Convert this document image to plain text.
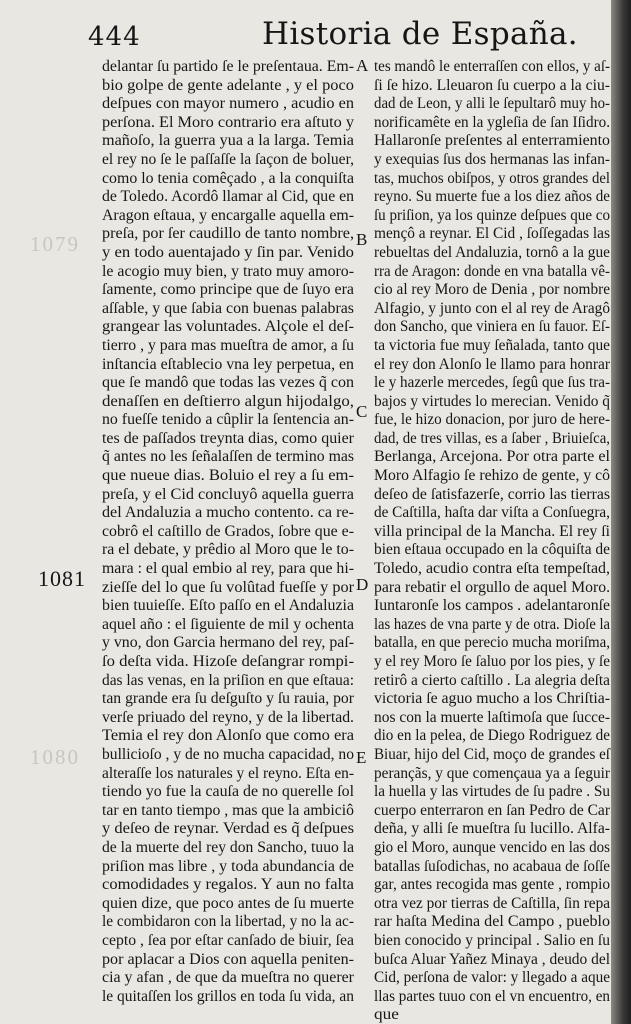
444	Historia de España.
1079
1080
1081
A
B
C
D
E
delantar ſu partido ſe le preſentaua. Em-
bio golpe de gente adelante , y el poco
deſpues con mayor numero , acudio en
perſona. El Moro contrario era aſtuto y
mañoſo, la guerra yua a la larga. Temia
el rey no ſe le paſſaſſe la ſaçon de boluer,
como lo tenia comêçado , a la conquiſta
de Toledo. Acordô llamar al Cid, que en
Aragon eſtaua, y encargalle aquella em-
preſa, por ſer caudillo de tanto nombre,
y en todo auentajado y ſin par. Venido
le acogio muy bien, y trato muy amoro-
ſamente, como principe que de ſuyo era
aſſable, y que ſabia con buenas palabras
grangear las voluntades. Alçole el deſ-
tierro , y para mas mueſtra de amor, a ſu
inſtancia eſtablecio vna ley perpetua, en
que ſe mandô que todas las vezes q̃ con
denaſſen en deſtierro algun hijodalgo,
no fueſſe tenido a cûplir la ſentencia an-
tes de paſſados treynta dias, como quier
q̃ antes no les ſeñalaſſen de termino mas
que nueue dias. Boluio el rey a ſu em-
preſa, y el Cid concluyô aquella guerra
del Andaluzia a mucho contento. ca re-
cobrô el caſtillo de Grados, ſobre que e-
ra el debate, y prêdio al Moro que le to-
mara : el qual embio al rey, para que hi-
zieſſe del lo que ſu volûtad fueſſe y por
bien tuuieſſe. Eſto paſſo en el Andaluzia
aquel año : el ſiguiente de mil y ochenta
y vno, don Garcia hermano del rey, paſ-
ſo deſta vida. Hizoſe deſangrar rompi-
das las venas, en la priſion en que eſtaua:
tan grande era ſu deſguſto y ſu rauia, por
verſe priuado del reyno, y de la libertad.
Temia el rey don Alonſo que como era
bullicioſo , y de no mucha capacidad, no
alteraſſe los naturales y el reyno. Eſta en-
tiendo yo fue la cauſa de no querelle ſol
tar en tanto tiempo , mas que la ambiciô
y deſeo de reynar. Verdad es q̃ deſpues
de la muerte del rey don Sancho, tuuo la
priſion mas libre , y toda abundancia de
comodidades y regalos. Y aun no falta
quien dize, que poco antes de ſu muerte
le combidaron con la libertad, y no la ac-
cepto , ſea por eſtar canſado de biuir, ſea
por aplacar a Dios con aquella peniten-
cia y afan , de que da mueſtra no querer
le quitaſſen los grillos en toda ſu vida, an
tes mandô le enterraſſen con ellos, y aſ-
ſi ſe hizo. Lleuaron ſu cuerpo a la ciu-
dad de Leon, y alli le ſepultarô muy ho-
norificamête en la ygleſia de ſan Iſidro.
Hallaronſe preſentes al enterramiento
y exequias ſus dos hermanas las infan-
tas, muchos obiſpos, y otros grandes del
reyno. Su muerte fue a los diez años de
ſu priſion, ya los quinze deſpues que co
mençô a reynar. El Cid , ſoſſegadas las
rebueltas del Andaluzia, tornô a la gue
rra de Aragon: donde en vna batalla vê-
cio al rey Moro de Denia , por nombre
Alfagio, y junto con el al rey de Aragô
don Sancho, que viniera en ſu fauor. Eſ-
ta victoria fue muy ſeñalada, tanto que
el rey don Alonſo le llamo para honrar
le y hazerle mercedes, ſegû que ſus tra-
bajos y virtudes lo merecian. Venido q̃
fue, le hizo donacion, por juro de here-
dad, de tres villas, es a ſaber , Briuieſca,
Berlanga, Arcejona. Por otra parte el
Moro Alfagio ſe rehizo de gente, y cô
deſeo de ſatisfazerſe, corrio las tierras
de Caſtilla, haſta dar viſta a Conſuegra,
villa principal de la Mancha. El rey ſi
bien eſtaua occupado en la côquiſta de
Toledo, acudio contra eſta tempeſtad,
para rebatir el orgullo de aquel Moro.
Iuntaronſe los campos . adelantaronſe
las hazes de vna parte y de otra. Dioſe la
batalla, en que perecio mucha moriſma,
y el rey Moro ſe ſaluo por los pies, y ſe
retirô a cierto caſtillo . La alegria deſta
victoria ſe aguo mucho a los Chriſtia-
nos con la muerte laſtimoſa que ſucce-
dio en la pelea, de Diego Rodriguez de
Biuar, hijo del Cid, moço de grandes eſ
perançãs, y que començaua ya a ſeguir
la huella y las virtudes de ſu padre . Su
cuerpo enterraron en ſan Pedro de Car
deña, y alli ſe mueſtra ſu lucillo. Alfa-
gio el Moro, aunque vencido en las dos
batallas ſuſodichas, no acabaua de ſoſſe
gar, antes recogida mas gente , rompio
otra vez por tierras de Caſtilla, ſin repa
rar haſta Medina del Campo , pueblo
bien conocido y principal . Salio en ſu
buſca Aluar Yañez Minaya , deudo del
Cid, perſona de valor: y llegado a aque
llas partes tuuo con el vn encuentro, en
que
